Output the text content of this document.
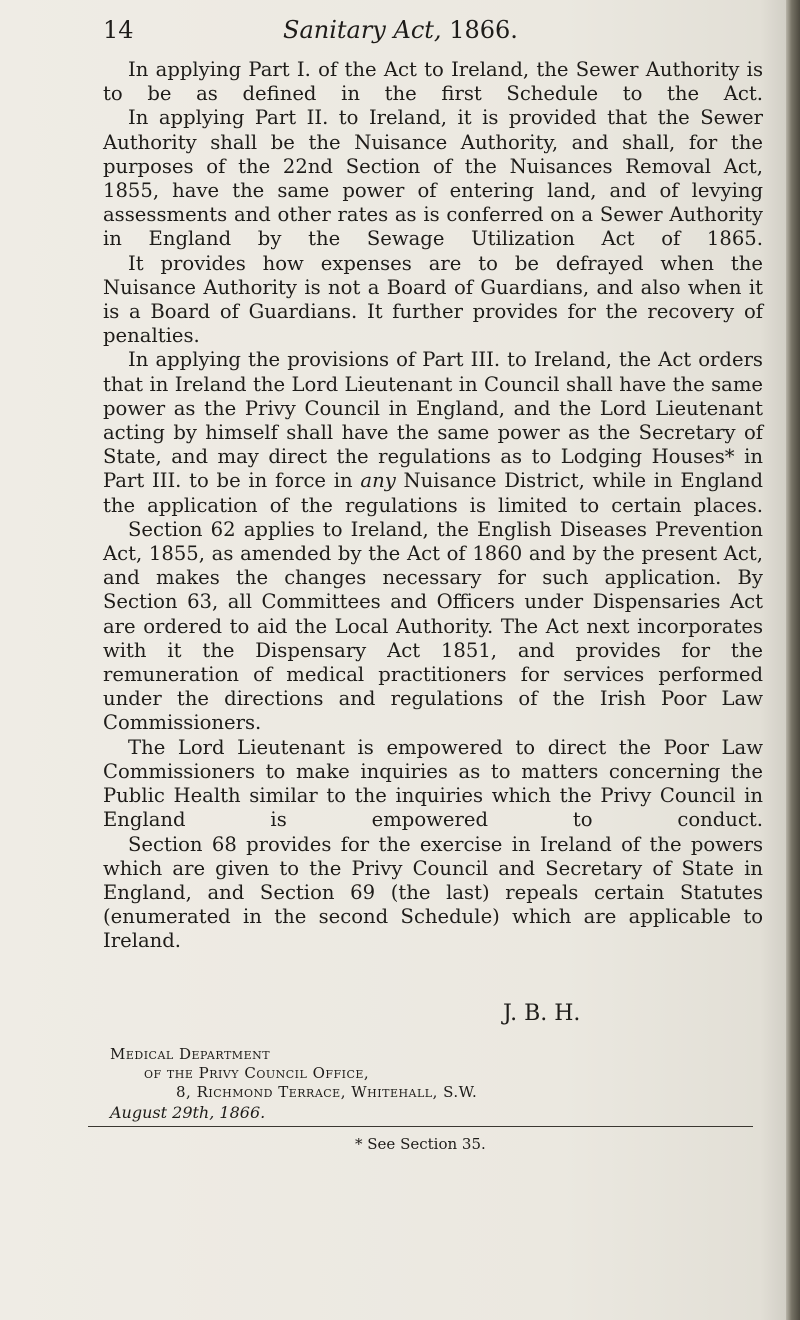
14	Sanitary Act, 1866.

In applying Part I. of the Act to Ireland, the Sewer Authority is to be as defined in the first Schedule to the Act.

In applying Part II. to Ireland, it is provided that the Sewer Authority shall be the Nuisance Authority, and shall, for the purposes of the 22nd Section of the Nuisances Removal Act, 1855, have the same power of entering land, and of levying assessments and other rates as is conferred on a Sewer Authority in England by the Sewage Utilization Act of 1865.

It provides how expenses are to be defrayed when the Nuisance Authority is not a Board of Guardians, and also when it is a Board of Guardians. It further provides for the recovery of penalties.

In applying the provisions of Part III. to Ireland, the Act orders that in Ireland the Lord Lieutenant in Council shall have the same power as the Privy Council in England, and the Lord Lieutenant acting by himself shall have the same power as the Secretary of State, and may direct the regulations as to Lodging Houses* in Part III. to be in force in any Nuisance District, while in England the application of the regulations is limited to certain places.

Section 62 applies to Ireland, the English Diseases Prevention Act, 1855, as amended by the Act of 1860 and by the present Act, and makes the changes necessary for such application. By Section 63, all Committees and Officers under Dispensaries Act are ordered to aid the Local Authority. The Act next incorporates with it the Dispensary Act 1851, and provides for the remuneration of medical practitioners for services performed under the directions and regulations of the Irish Poor Law Commissioners.

The Lord Lieutenant is empowered to direct the Poor Law Commissioners to make inquiries as to matters concerning the Public Health similar to the inquiries which the Privy Council in England is empowered to conduct.

Section 68 provides for the exercise in Ireland of the powers which are given to the Privy Council and Secretary of State in England, and Section 69 (the last) repeals certain Statutes (enumerated in the second Schedule) which are applicable to Ireland.

J. B. H.
Medical Department
of the Privy Council Office,
8, Richmond Terrace, Whitehall, S.W.
August 29th, 1866.
* See Section 35.
